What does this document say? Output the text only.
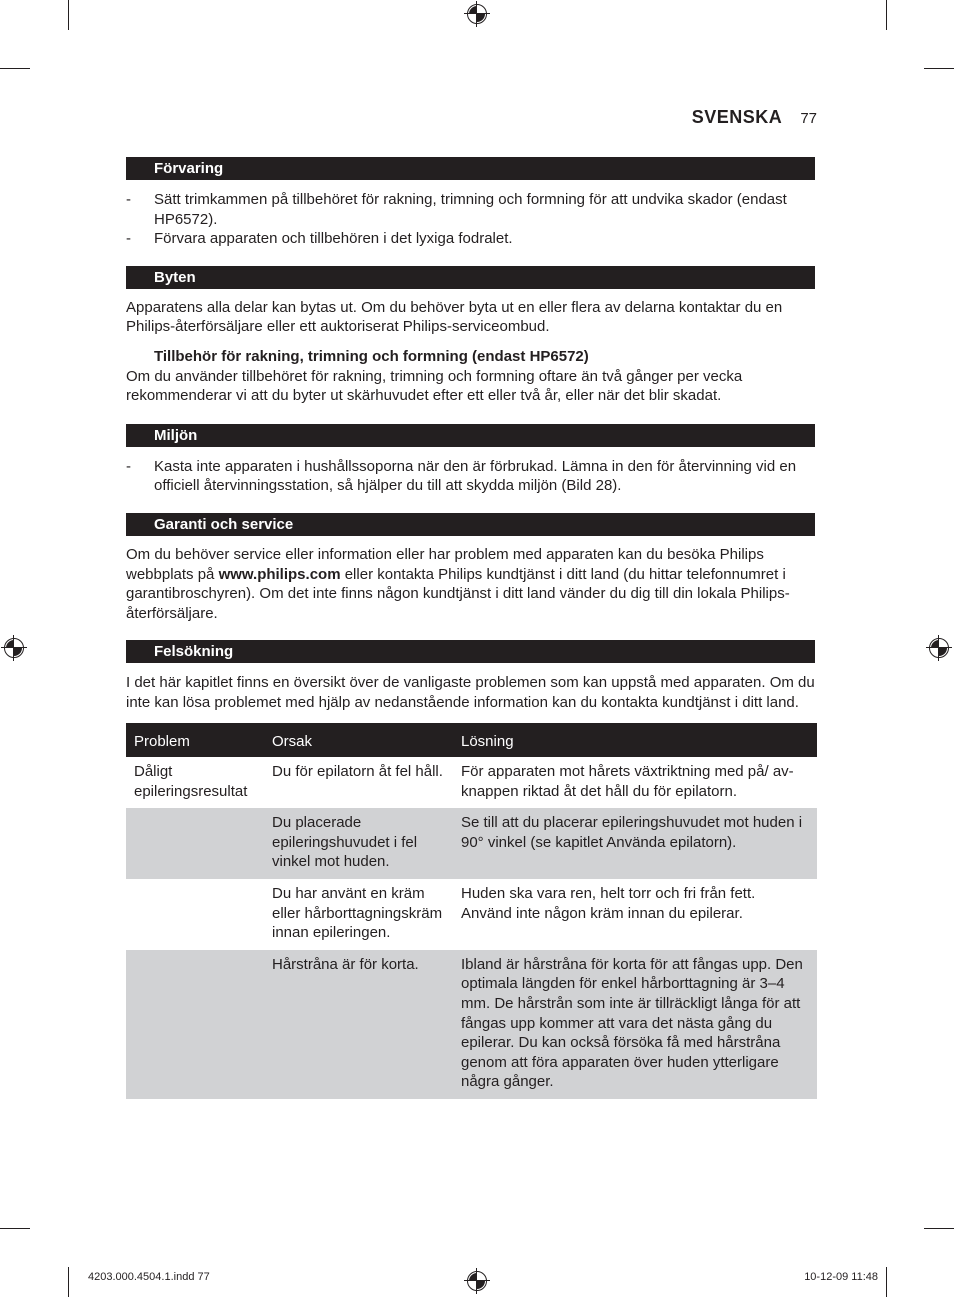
SVENSKA 77
Förvaring
- Sätt trimkammen på tillbehöret för rakning, trimning och formning för att undvika skador (endast HP6572).
- Förvara apparaten och tillbehören i det lyxiga fodralet.
Byten

Apparatens alla delar kan bytas ut. Om du behöver byta ut en eller flera av delarna kontaktar du en Philips-återförsäljare eller ett auktoriserat Philips-serviceombud.

Tillbehör för rakning, trimning och formning (endast HP6572)

Om du använder tillbehöret för rakning, trimning och formning oftare än två gånger per vecka rekommenderar vi att du byter ut skärhuvudet efter ett eller två år, eller när det blir skadat.

Miljön
- Kasta inte apparaten i hushållssoporna när den är förbrukad. Lämna in den för återvinning vid en officiell återvinningsstation, så hjälper du till att skydda miljön (Bild 28).
Garanti och service

Om du behöver service eller information eller har problem med apparaten kan du besöka Philips webbplats på www.philips.com eller kontakta Philips kundtjänst i ditt land (du hittar telefonnumret i garantibroschyren). Om det inte finns någon kundtjänst i ditt land vänder du dig till din lokala Philips-återförsäljare.

Felsökning

I det här kapitlet finns en översikt över de vanligaste problemen som kan uppstå med apparaten. Om du inte kan lösa problemet med hjälp av nedanstående information kan du kontakta kundtjänst i ditt land.

Problem	Orsak	Lösning
Dåligt epileringsresultat	Du för epilatorn åt fel håll.	För apparaten mot hårets växtriktning med på/ av-knappen riktad åt det håll du för epilatorn.
	Du placerade epileringshuvudet i fel vinkel mot huden.	Se till att du placerar epileringshuvudet mot huden i 90° vinkel (se kapitlet Använda epilatorn).
	Du har använt en kräm eller hårborttagningskräm innan epileringen.	Huden ska vara ren, helt torr och fri från fett. Använd inte någon kräm innan du epilerar.
	Hårstråna är för korta.	Ibland är hårstråna för korta för att fångas upp. Den optimala längden för enkel hårborttagning är 3–4 mm. De hårstrån som inte är tillräckligt långa för att fångas upp kommer att vara det nästa gång du epilerar. Du kan också försöka få med hårstråna genom att föra apparaten över huden ytterligare några gånger.
4203.000.4504.1.indd 77	10-12-09 11:48
